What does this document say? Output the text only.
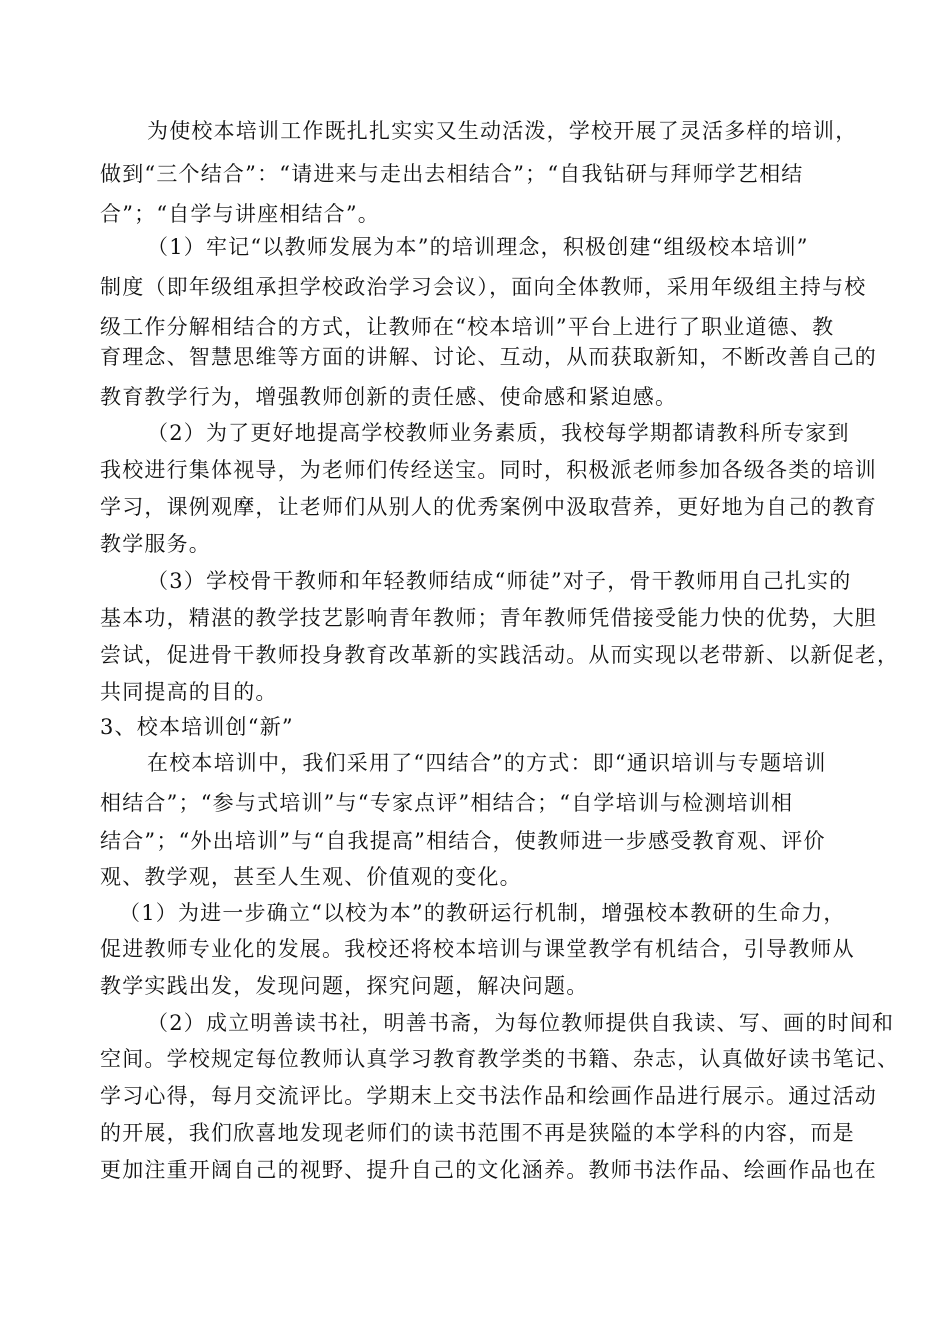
为使校本培训工作既扎扎实实又生动活泼，学校开展了灵活多样的培训，
做到“三个结合”：“请进来与走出去相结合”；“自我钻研与拜师学艺相结
合”；“自学与讲座相结合”。
（1）牢记“以教师发展为本”的培训理念，积极创建“组级校本培训”
制度（即年级组承担学校政治学习会议），面向全体教师，采用年级组主持与校
级工作分解相结合的方式，让教师在“校本培训”平台上进行了职业道德、教
育理念、智慧思维等方面的讲解、讨论、互动，从而获取新知，不断改善自己的
教育教学行为，增强教师创新的责任感、使命感和紧迫感。
（2）为了更好地提高学校教师业务素质，我校每学期都请教科所专家到
我校进行集体视导，为老师们传经送宝。同时，积极派老师参加各级各类的培训
学习，课例观摩，让老师们从别人的优秀案例中汲取营养，更好地为自己的教育
教学服务。
（3）学校骨干教师和年轻教师结成“师徒”对子，骨干教师用自己扎实的
基本功，精湛的教学技艺影响青年教师；青年教师凭借接受能力快的优势，大胆
尝试，促进骨干教师投身教育改革新的实践活动。从而实现以老带新、以新促老，
共同提高的目的。
3、校本培训创“新”
在校本培训中，我们采用了“四结合”的方式：即“通识培训与专题培训
相结合”；“参与式培训”与“专家点评”相结合；“自学培训与检测培训相
结合”；“外出培训”与“自我提高”相结合，使教师进一步感受教育观、评价
观、教学观，甚至人生观、价值观的变化。
（1）为进一步确立“以校为本”的教研运行机制，增强校本教研的生命力，
促进教师专业化的发展。我校还将校本培训与课堂教学有机结合，引导教师从
教学实践出发，发现问题，探究问题，解决问题。
（2）成立明善读书社，明善书斋，为每位教师提供自我读、写、画的时间和
空间。学校规定每位教师认真学习教育教学类的书籍、杂志，认真做好读书笔记、
学习心得，每月交流评比。学期末上交书法作品和绘画作品进行展示。通过活动
的开展，我们欣喜地发现老师们的读书范围不再是狭隘的本学科的内容，而是
更加注重开阔自己的视野、提升自己的文化涵养。教师书法作品、绘画作品也在
